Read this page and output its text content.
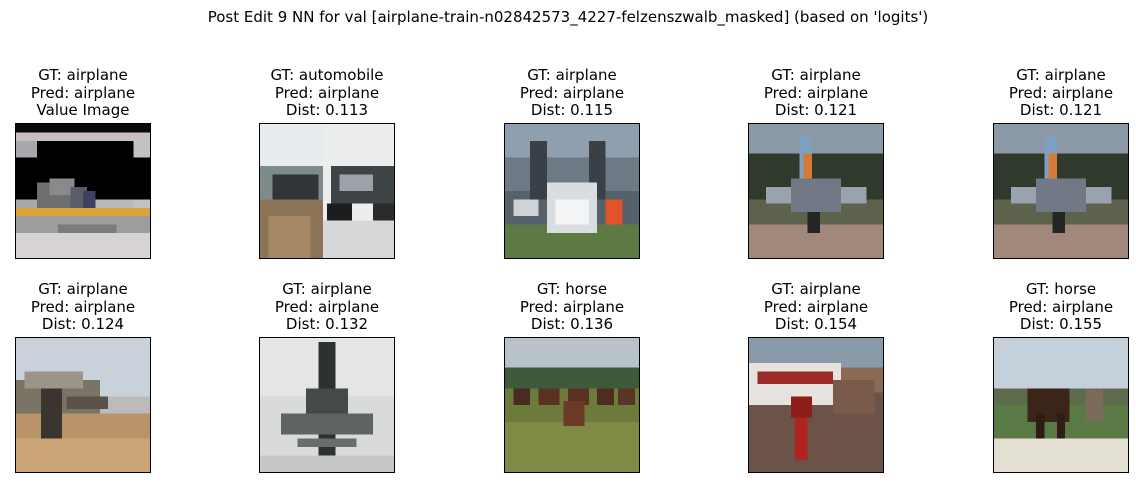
Post Edit 9 NN for val [airplane-train-n02842573_4227-felzenszwalb_masked] (based on 'logits')
GT: airplane
Pred: airplane
Value Image
GT: automobile
Pred: airplane
Dist: 0.113
GT: airplane
Pred: airplane
Dist: 0.115
GT: airplane
Pred: airplane
Dist: 0.121
GT: airplane
Pred: airplane
Dist: 0.121
GT: airplane
Pred: airplane
Dist: 0.124
GT: airplane
Pred: airplane
Dist: 0.132
GT: horse
Pred: airplane
Dist: 0.136
GT: airplane
Pred: airplane
Dist: 0.154
GT: horse
Pred: airplane
Dist: 0.155
